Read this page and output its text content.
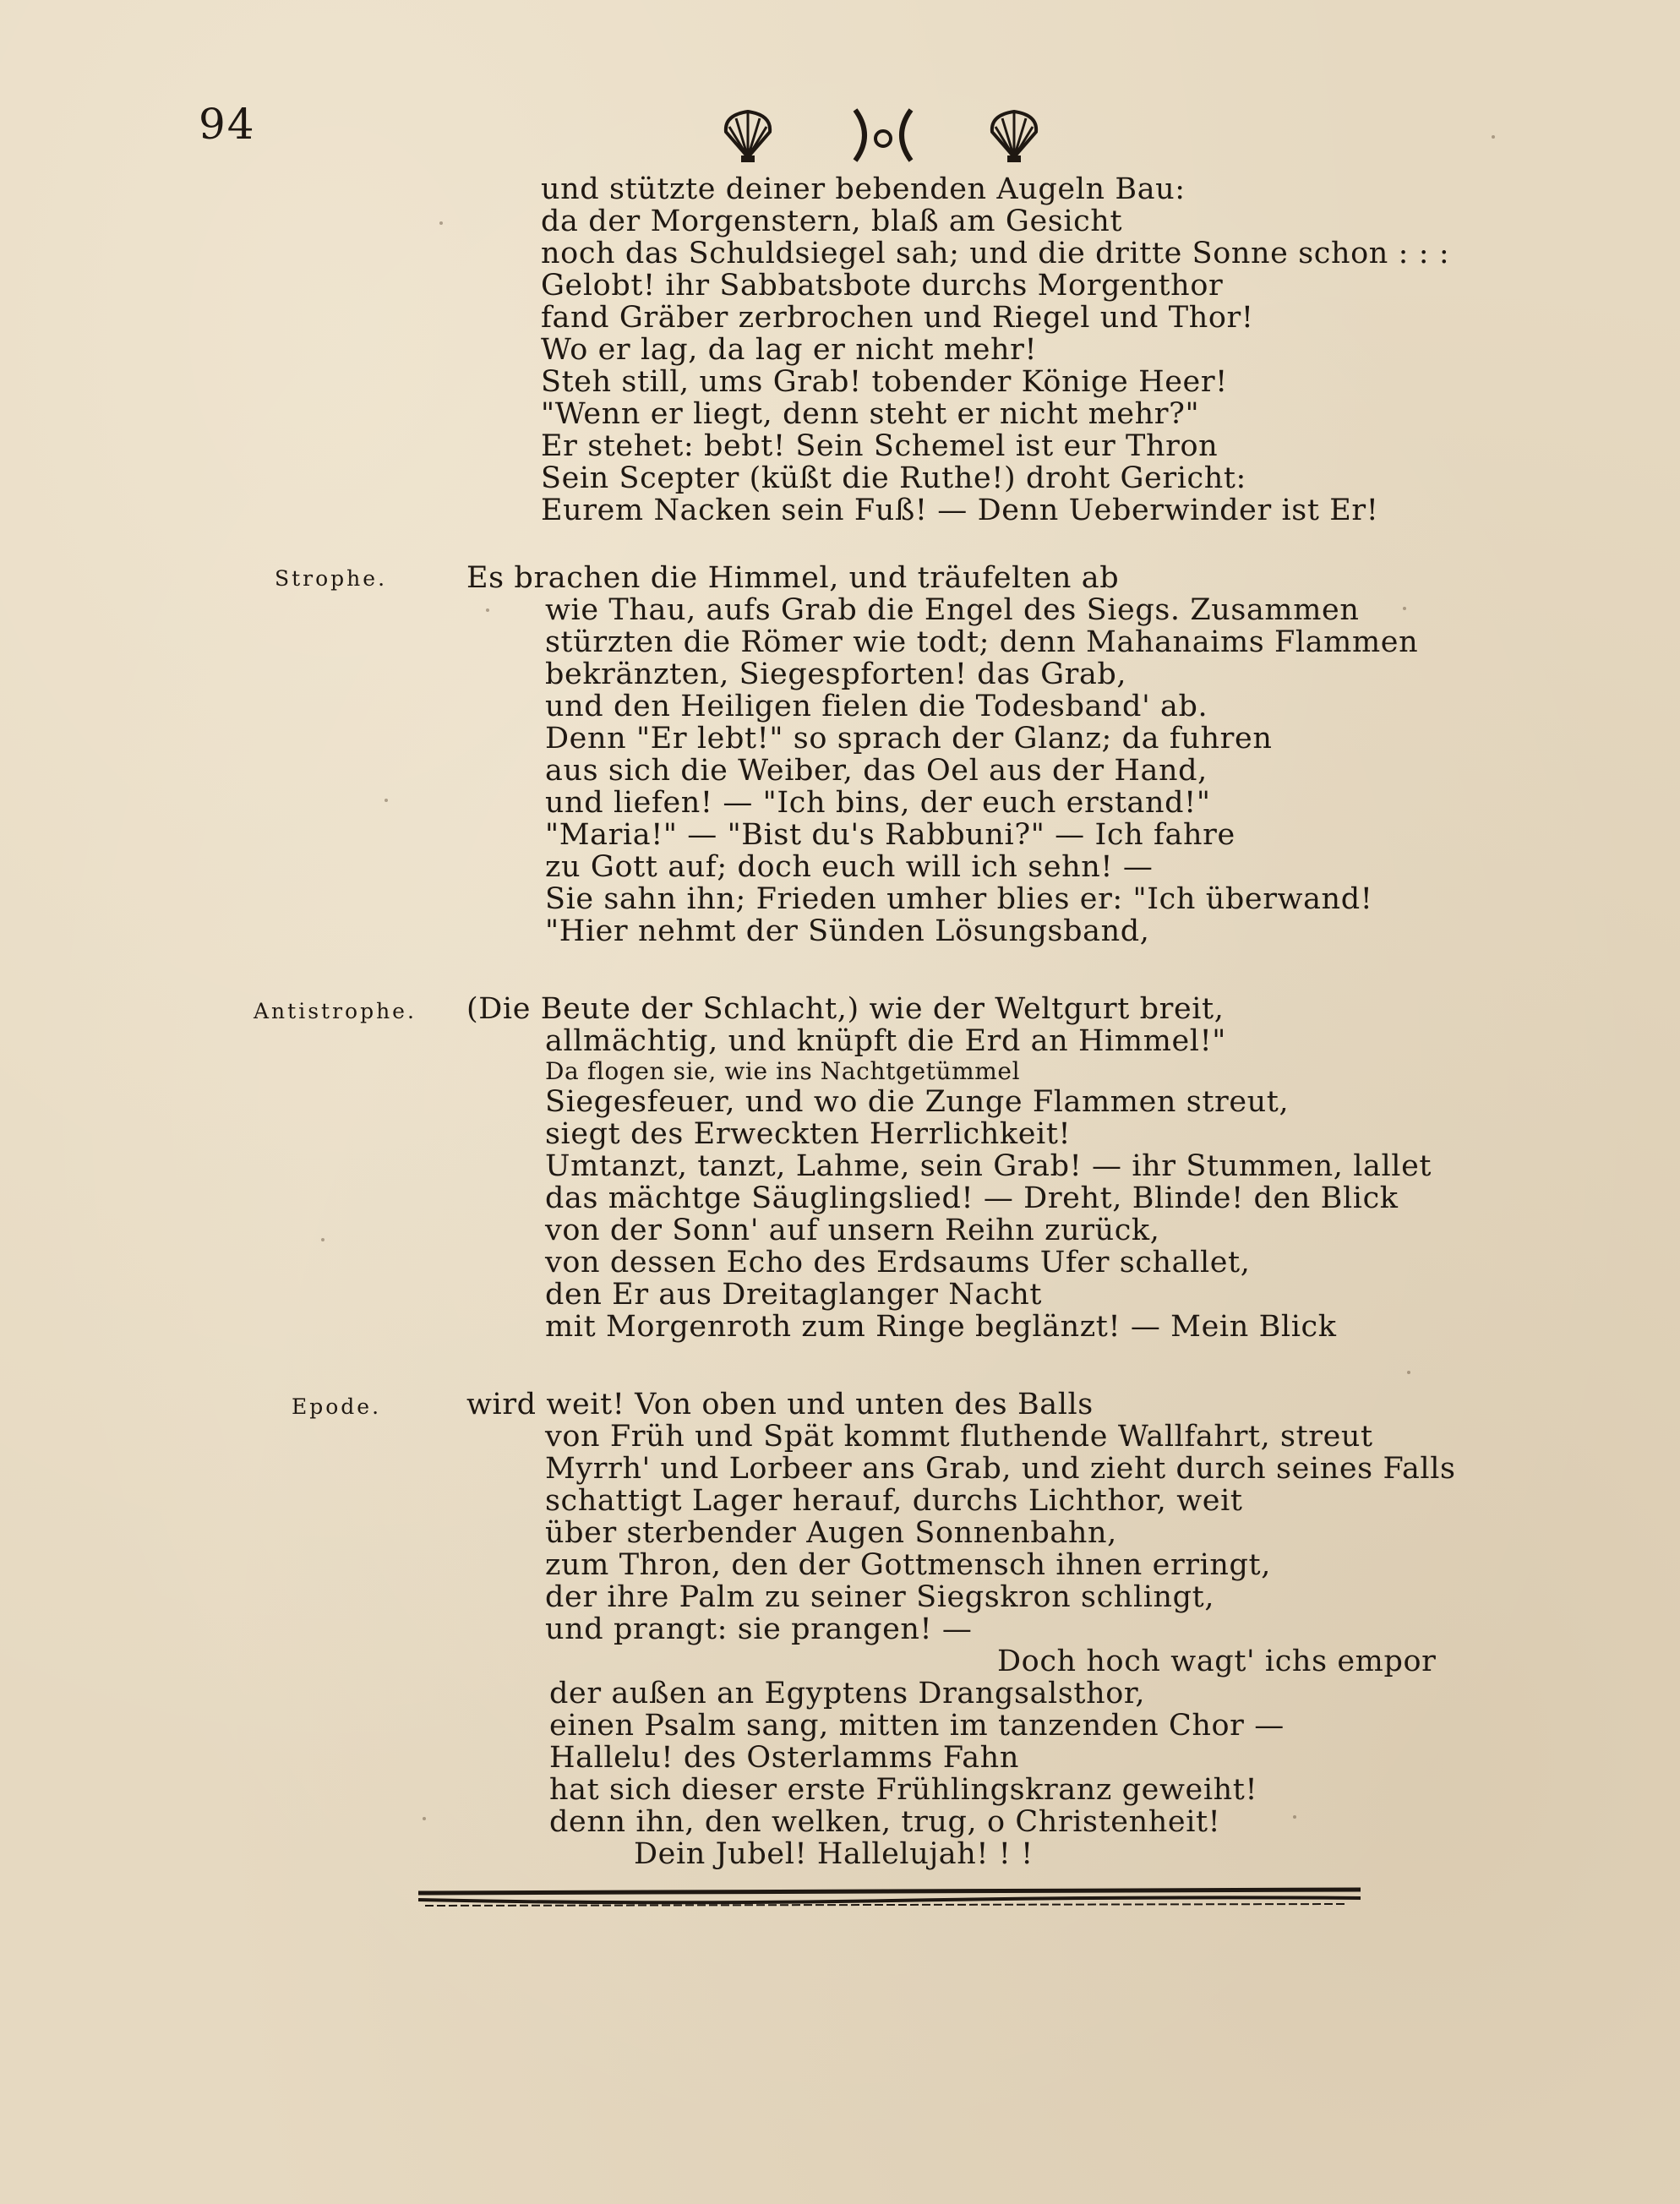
94
und stützte deiner bebenden Augeln Bau:
da der Morgenstern, blaß am Gesicht
noch das Schuldsiegel sah; und die dritte Sonne schon : : :
Gelobt! ihr Sabbatsbote durchs Morgenthor
fand Gräber zerbrochen und Riegel und Thor!
Wo er lag, da lag er nicht mehr!
Steh still, ums Grab! tobender Könige Heer!
"Wenn er liegt, denn steht er nicht mehr?"
Er stehet: bebt! Sein Schemel ist eur Thron
Sein Scepter (küßt die Ruthe!) droht Gericht:
Eurem Nacken sein Fuß! — Denn Ueberwinder ist Er!
Strophe.	Es brachen die Himmel, und träufelten ab
wie Thau, aufs Grab die Engel des Siegs. Zusammen
stürzten die Römer wie todt; denn Mahanaims Flammen
bekränzten, Siegespforten! das Grab,
und den Heiligen fielen die Todesband' ab.
Denn "Er lebt!" so sprach der Glanz; da fuhren
aus sich die Weiber, das Oel aus der Hand,
und liefen! — "Ich bins, der euch erstand!"
"Maria!" — "Bist du's Rabbuni?" — Ich fahre
zu Gott auf; doch euch will ich sehn! —
Sie sahn ihn; Frieden umher blies er: "Ich überwand!
"Hier nehmt der Sünden Lösungsband,
Antistrophe. (Die Beute der Schlacht,) wie der Weltgurt breit,
allmächtig, und knüpft die Erd an Himmel!"
Da flogen sie, wie ins Nachtgetümmel
Siegesfeuer, und wo die Zunge Flammen streut,
siegt des Erweckten Herrlichkeit!
Umtanzt, tanzt, Lahme, sein Grab! — ihr Stummen, lallet
das mächtge Säuglingslied! — Dreht, Blinde! den Blick
von der Sonn' auf unsern Reihn zurück,
von dessen Echo des Erdsaums Ufer schallet,
den Er aus Dreitaglanger Nacht
mit Morgenroth zum Ringe beglänzt! — Mein Blick
Epode.	wird weit! Von oben und unten des Balls
von Früh und Spät kommt fluthende Wallfahrt, streut
Myrrh' und Lorbeer ans Grab, und zieht durch seines Falls
schattigt Lager herauf, durchs Lichthor, weit
über sterbender Augen Sonnenbahn,
zum Thron, den der Gottmensch ihnen erringt,
der ihre Palm zu seiner Siegskron schlingt,
und prangt: sie prangen! —
Doch hoch wagt' ichs empor
der außen an Egyptens Drangsalsthor,
einen Psalm sang, mitten im tanzenden Chor —
Hallelu! des Osterlamms Fahn
hat sich dieser erste Frühlingskranz geweiht!
denn ihn, den welken, trug, o Christenheit!
Dein Jubel! Hallelujah! ! !
